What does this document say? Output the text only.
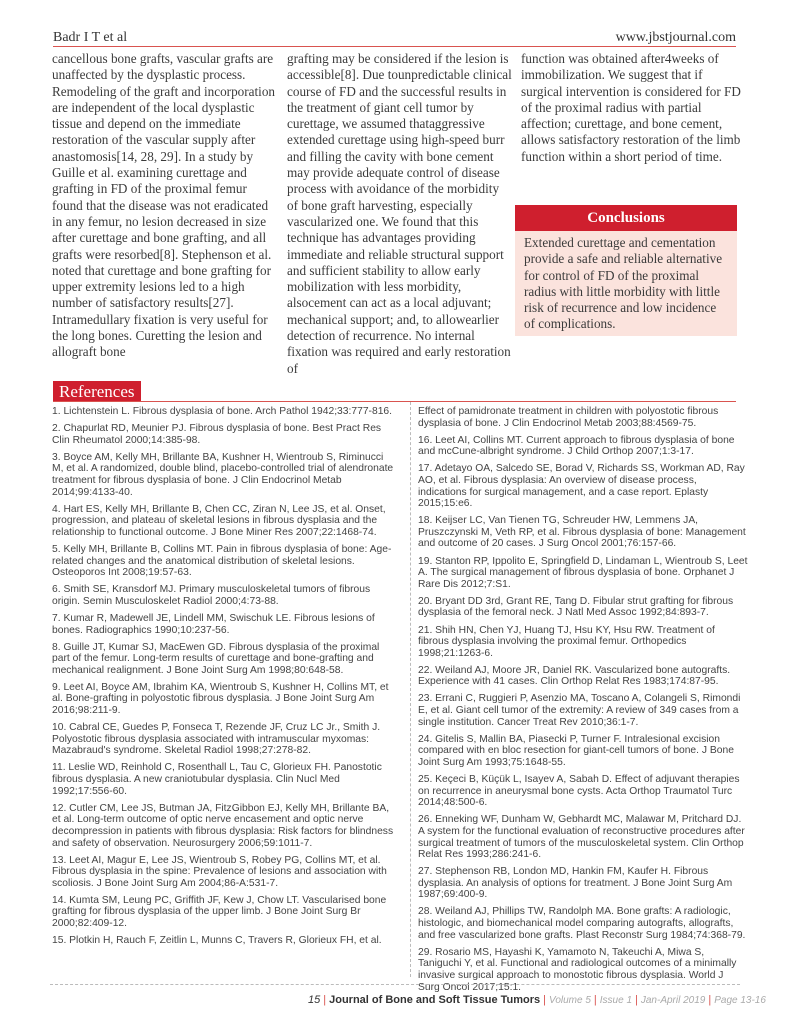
Badr I T et al	www.jbstjournal.com
cancellous bone grafts, vascular grafts are unaffected by the dysplastic process. Remodeling of the graft and incorporation are independent of the local dysplastic tissue and depend on the immediate restoration of the vascular supply after anastomosis[14, 28, 29]. In a study by Guille et al. examining curettage and grafting in FD of the proximal femur found that the disease was not eradicated in any femur, no lesion decreased in size after curettage and bone grafting, and all grafts were resorbed[8]. Stephenson et al. noted that curettage and bone grafting for upper extremity lesions led to a high number of satisfactory results[27]. Intramedullary fixation is very useful for the long bones. Curetting the lesion and allograft bone
grafting may be considered if the lesion is accessible[8]. Due tounpredictable clinical course of FD and the successful results in the treatment of giant cell tumor by curettage, we assumed thataggressive extended curettage using high-speed burr and filling the cavity with bone cement may provide adequate control of disease process with avoidance of the morbidity of bone graft harvesting, especially vascularized one. We found that this technique has advantages providing immediate and reliable structural support and sufficient stability to allow early mobilization with less morbidity, alsocement can act as a local adjuvant; mechanical support; and, to allowearlier detection of recurrence. No internal fixation was required and early restoration of
function was obtained after4weeks of immobilization. We suggest that if surgical intervention is considered for FD of the proximal radius with partial affection; curettage, and bone cement, allows satisfactory restoration of the limb function within a short period of time.
Conclusions
Extended curettage and cementation provide a safe and reliable alternative for control of FD of the proximal radius with little morbidity with little risk of recurrence and low incidence of complications.
References

1. Lichtenstein L. Fibrous dysplasia of bone. Arch Pathol 1942;33:777-816.

2. Chapurlat RD, Meunier PJ. Fibrous dysplasia of bone. Best Pract Res Clin Rheumatol 2000;14:385-98.

3. Boyce AM, Kelly MH, Brillante BA, Kushner H, Wientroub S, Riminucci M, et al. A randomized, double blind, placebo-controlled trial of alendronate treatment for fibrous dysplasia of bone. J Clin Endocrinol Metab 2014;99:4133-40.

4. Hart ES, Kelly MH, Brillante B, Chen CC, Ziran N, Lee JS, et al. Onset, progression, and plateau of skeletal lesions in fibrous dysplasia and the relationship to functional outcome. J Bone Miner Res 2007;22:1468-74.

5. Kelly MH, Brillante B, Collins MT. Pain in fibrous dysplasia of bone: Age-related changes and the anatomical distribution of skeletal lesions. Osteoporos Int 2008;19:57-63.

6. Smith SE, Kransdorf MJ. Primary musculoskeletal tumors of fibrous origin. Semin Musculoskelet Radiol 2000;4:73-88.

7. Kumar R, Madewell JE, Lindell MM, Swischuk LE. Fibrous lesions of bones. Radiographics 1990;10:237-56.

8. Guille JT, Kumar SJ, MacEwen GD. Fibrous dysplasia of the proximal part of the femur. Long-term results of curettage and bone-grafting and mechanical realignment. J Bone Joint Surg Am 1998;80:648-58.

9. Leet AI, Boyce AM, Ibrahim KA, Wientroub S, Kushner H, Collins MT, et al. Bone-grafting in polyostotic fibrous dysplasia. J Bone Joint Surg Am 2016;98:211-9.

10. Cabral CE, Guedes P, Fonseca T, Rezende JF, Cruz LC Jr., Smith J. Polyostotic fibrous dysplasia associated with intramuscular myxomas: Mazabraud's syndrome. Skeletal Radiol 1998;27:278-82.

11. Leslie WD, Reinhold C, Rosenthall L, Tau C, Glorieux FH. Panostotic fibrous dysplasia. A new craniotubular dysplasia. Clin Nucl Med 1992;17:556-60.

12. Cutler CM, Lee JS, Butman JA, FitzGibbon EJ, Kelly MH, Brillante BA, et al. Long-term outcome of optic nerve encasement and optic nerve decompression in patients with fibrous dysplasia: Risk factors for blindness and safety of observation. Neurosurgery 2006;59:1011-7.

13. Leet AI, Magur E, Lee JS, Wientroub S, Robey PG, Collins MT, et al. Fibrous dysplasia in the spine: Prevalence of lesions and association with scoliosis. J Bone Joint Surg Am 2004;86-A:531-7.

14. Kumta SM, Leung PC, Griffith JF, Kew J, Chow LT. Vascularised bone grafting for fibrous dysplasia of the upper limb. J Bone Joint Surg Br 2000;82:409-12.

15. Plotkin H, Rauch F, Zeitlin L, Munns C, Travers R, Glorieux FH, et al.

Effect of pamidronate treatment in children with polyostotic fibrous dysplasia of bone. J Clin Endocrinol Metab 2003;88:4569-75.

16. Leet AI, Collins MT. Current approach to fibrous dysplasia of bone and mcCune-albright syndrome. J Child Orthop 2007;1:3-17.

17. Adetayo OA, Salcedo SE, Borad V, Richards SS, Workman AD, Ray AO, et al. Fibrous dysplasia: An overview of disease process, indications for surgical management, and a case report. Eplasty 2015;15:e6.

18. Keijser LC, Van Tienen TG, Schreuder HW, Lemmens JA, Pruszczynski M, Veth RP, et al. Fibrous dysplasia of bone: Management and outcome of 20 cases. J Surg Oncol 2001;76:157-66.

19. Stanton RP, Ippolito E, Springfield D, Lindaman L, Wientroub S, Leet A. The surgical management of fibrous dysplasia of bone. Orphanet J Rare Dis 2012;7:S1.

20. Bryant DD 3rd, Grant RE, Tang D. Fibular strut grafting for fibrous dysplasia of the femoral neck. J Natl Med Assoc 1992;84:893-7.

21. Shih HN, Chen YJ, Huang TJ, Hsu KY, Hsu RW. Treatment of fibrous dysplasia involving the proximal femur. Orthopedics 1998;21:1263-6.

22. Weiland AJ, Moore JR, Daniel RK. Vascularized bone autografts. Experience with 41 cases. Clin Orthop Relat Res 1983;174:87-95.

23. Errani C, Ruggieri P, Asenzio MA, Toscano A, Colangeli S, Rimondi E, et al. Giant cell tumor of the extremity: A review of 349 cases from a single institution. Cancer Treat Rev 2010;36:1-7.

24. Gitelis S, Mallin BA, Piasecki P, Turner F. Intralesional excision compared with en bloc resection for giant-cell tumors of bone. J Bone Joint Surg Am 1993;75:1648-55.

25. Keçeci B, Küçük L, Isayev A, Sabah D. Effect of adjuvant therapies on recurrence in aneurysmal bone cysts. Acta Orthop Traumatol Turc 2014;48:500-6.

26. Enneking WF, Dunham W, Gebhardt MC, Malawar M, Pritchard DJ. A system for the functional evaluation of reconstructive procedures after surgical treatment of tumors of the musculoskeletal system. Clin Orthop Relat Res 1993;286:241-6.

27. Stephenson RB, London MD, Hankin FM, Kaufer H. Fibrous dysplasia. An analysis of options for treatment. J Bone Joint Surg Am 1987;69:400-9.

28. Weiland AJ, Phillips TW, Randolph MA. Bone grafts: A radiologic, histologic, and biomechanical model comparing autografts, allografts, and free vascularized bone grafts. Plast Reconstr Surg 1984;74:368-79.

29. Rosario MS, Hayashi K, Yamamoto N, Takeuchi A, Miwa S, Taniguchi Y, et al. Functional and radiological outcomes of a minimally invasive surgical approach to monostotic fibrous dysplasia. World J Surg Oncol 2017;15:1.

15 | Journal of Bone and Soft Tissue Tumors | Volume 5 | Issue 1 | Jan-April 2019 | Page 13-16
